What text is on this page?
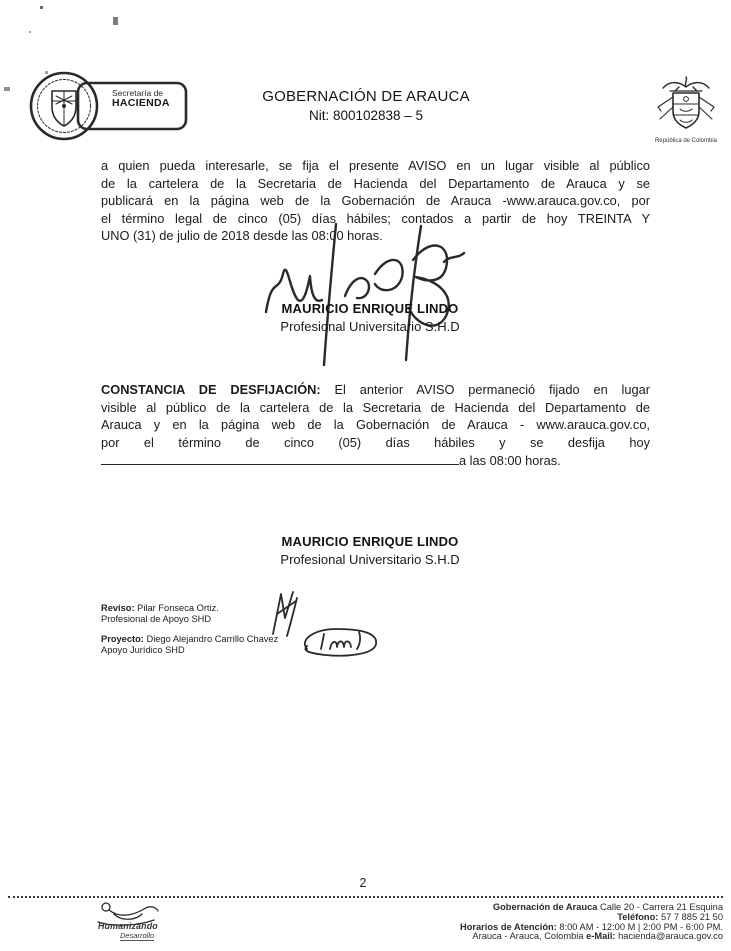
Secretaría de
HACIENDA	GOBERNACIÓN DE ARAUCA
Nit: 800102838 – 5
República de Colombia
a quien pueda interesarle, se fija el presente AVISO en un lugar visible al público
de la cartelera de la Secretaria de Hacienda del Departamento de Arauca y se
publicará en la página web de la Gobernación de Arauca -www.arauca.gov.co, por
el término legal de cinco (05) días hábiles; contados a partir de hoy TREINTA Y
UNO (31) de julio de 2018 desde las 08:00 horas.
MAURICIO ENRIQUE LINDO
Profesional Universitario S.H.D
CONSTANCIA DE DESFIJACIÓN: El anterior AVISO permaneció fijado en lugar
visible al público de la cartelera de la Secretaria de Hacienda del Departamento de
Arauca y en la página web de la Gobernación de Arauca - www.arauca.gov.co,
por el término de cinco (05) días hábiles y se desfija hoy
a las 08:00 horas.
MAURICIO ENRIQUE LINDO
Profesional Universitario S.H.D
Reviso: Pilar Fonseca Ortiz.
Profesional de Apoyo SHD
Proyecto: Diego Alejandro Carrillo Chavez
Apoyo Jurídico SHD
2
Humanizando
Desarrollo
Gobernación de Arauca Calle 20 - Carrera 21 Esquina
Teléfono: 57 7 885 21 50
Horarios de Atención: 8:00 AM - 12:00 M | 2:00 PM - 6:00 PM.
Arauca - Arauca, Colombia e-Mail: hacienda@arauca.gov.co
